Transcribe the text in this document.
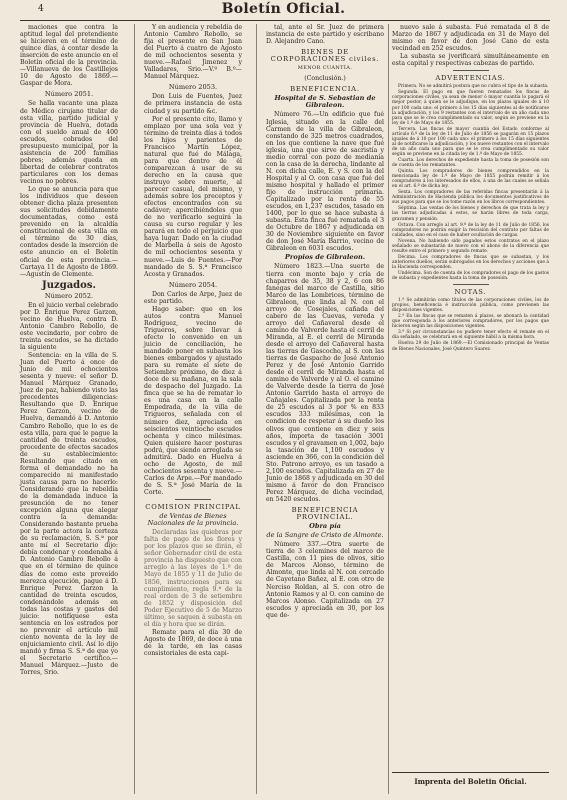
4	Boletín Oficial.

maciones que contra la aptitud legal del pretendiente se hicieren en el término de quince días, á contar desde la inserción de este anuncio en el Boletín oficial de la provincia.—Villanueva de los Castillejos 10 de Agosto de 1869.—Gaspar de Mora.

Número 2051.

Se halla vacante una plaza de Médico cirujano titular de esta villa, partido judicial y provincia de Huelva, dotada con el sueldo anual de 400 escudos, cobrados del presupuesto municipal, por la asistencia de 200 familias pobres; además queda en libertad de celebrar contratos particulares con los demas vecinos no pobres.

Lo que se anuncia para que los individuos que deseen obtener dicha plaza presenten sus solicitudes debidamente documentadas, como está prevenido en la alcaldía constitucional de esta villa en el término de 30 días, contados desde la inserción de este anuncio en el Boletín oficial de esta provincia.—Cartaya 11 de Agosto de 1869.—Agustín de Clemente.

Juzgados.
Número 2052.

En el juicio verbal celebrado por D. Enrique Perez Garzon, vecino de Huelva, contra D. Antonio Cambro Rebollo, de este vecindario, por cobro de treinta escudos, se ha dictado la siguiente

Sentencia: en la villa de S. Juan del Puerto á once de Junio de mil ochocientos sesenta y nueve: el señor D. Manuel Márquez Granado, Juez de paz, habiendo visto las precedentes diligencias: Resultando que D. Enrique Perez Garzon, vecino de Huelva, demandó á D. Antonio Cambro Rebollo, que lo es de esta villa, para que le pague la cantidad de treinta escudos, procedente de efectos sacados de su establecimiento: Resultando que citado en forma el demandado no ha comparecido ni manifestado justa causa para no hacerlo: Considerando que la rebeldía de la demandada induce la presunción de no tener excepción alguna que alegar contra la demanda: Considerando bastante prueba por la parte actora la certeza de su reclamación, S. S.ª por ante mí el Secretario dijo: debía condenar y condenaba á D. Antonio Cambro Rebollo á que en el término de quince días de como este proveído merezca ejecución, pague á D. Enrique Perez Garzon la cantidad de treinta escudos, condenándole además en todas las costas y gastos del juicio: notifíquese esta sentencia en los estrados por no prevenir el artículo mil ciento noventa de la ley de enjuiciamiento civil. Así lo dijo mandó y firma S. S.ª de que yo el Secretario certifico.—Manuel Márquez.—Justo de Torres, Srio.

Y en audiencia y rebeldía de Antonio Cambro Rebollo, se fija el presente en San Juan del Puerto á cuatro de Agosto de mil ochocientos sesenta y nueve.—Rafael Jimenez y Valladares, Srio.—V.º B.º—Manuel Márquez.

Número 2053.

Don Luis de Fuentes, Juez de primera instancia de esta ciudad y su partido &c.

Por el presente cito, llamo y emplazo por una sola vez y término de treinta días á todos los hijos y parientes de Francisco Martín López, natural que fué de Málaga, para que dentro de él comparezcan á usar de su derecho en la causa que instruyo sobre muerte, al parecer casual, del mismo, y además sobre los preceptos y efectos encontrados con su cadáver; apercibiéndoles que de no verificarlo seguirá la causa su curso regular y les parará en todo el perjuicio que haya lugar. Dado en la ciudad de Marbella á seis de Agosto de mil ochocientos sesenta y nueve.—Luis de Fuentes.—Por mandado de S. S.ª Francisco Acosta y Granados.

Número 2054.

Don Carlos de Arpe, Juez de este partido.

Hago saber: que en los autos contra Manuel Rodríguez, vecino de Trigueros, sobre llevar á efecto lo convenido en un juicio de conciliación, he mandado poner en subasta los bienes embargados y ajustado para su remate el siete de Setiembre próximo, de diez á doce de su mañana, en la sala de despacho del Juzgado. La finca que se ha de rematar lo es una casa en la calle Empedrada, de la villa de Trigueros, señalada con el número diez, apreciada en seiscientos veintiocho escudos ochenta y cinco milésimas. Quien quisiere hacer posturas podrá, que siendo arreglada se admitirá. Dado en Huelva á ocho de Agosto, de mil ochocientos sesenta y nueve.—Carlos de Arpe.—Por mandado de S. S.ª José María de la Corte.

COMISION PRINCIPAL
de Ventas de Bienes Nacionales de la provincia.

Declaradas las quiebras por falta de pago de los flores y por los plazos que se dirán, el señor Gobernador civil de esta provincia ha dispuesto que con arreglo á las leyes de 1.º de Mayo de 1855 y 11 de Julio de 1856, instrucciones para su cumplimiento, regla 9.ª de la real orden de 3 de setiembre de 1852 y disposición del Poder Ejecutivo de 5 de Marzo último, se saquen á subasta en el día y hora que se dirán.

Remate para el día 30 de Agosto de 1869, de doce á una de la tarde, en las casas consistoriales de esta capi-

tal, ante el Sr. Juez de primera instancia de este partido y escribano D. Alejandro Cano.

BIENES DE CORPORACIONES civiles.
MENOR CUANTÍA.
(Conclusión.)
BENEFICENCIA.
Hospital de S. Sebastian de Gibraleon.

Número 76.—Un edificio que fué Iglesia, situado en la calle del Carmen de la villa de Gibraleon, constando de 325 metros cuadrados, en los que contiene la nave que fué iglesia, una que sirve de sacristía y medio corral con pozo de medianía con la casa de la derecha, lindante al N. con dicha calle, E. y S. con la del Hospital y al O. con casa que fué del mismo hospital y hallado el primer fijo de instrucción primaria. Capitalizado por la renta de 55 escudos, en 1,237 escudos, tasado en 1400, por lo que se hace subasta á subasta. Esta finca fué rematada el 3 de Octubre de 1867 y adjudicada en 30 de Noviembre siguiente en favor de don José María Barrio, vecino de Gibraleon en 6031 escudos.

Propios de Gibraleon.

Número 1823.—Una suerte de tierra con monte bajo y cría de chaparros de 35, 38 y 2, 6 con 86 fanegas del marco de Castilla, sitio Marco de las Lombrices, término de Gibraleon, que linda al N. con el arroyo de Cosejales, cañada del cabero de las Cuevas, vereda y arroyo del Cañaveral desde el camino de Valverde hasta el cerril de Miranda, al E. el cerril de Miranda desde el arroyo del Cañaveral hasta las tierras de Gascocho, al S. con las tierras de Gaspacho de José Antonio Perez y de José Antonio Garrido desde el cerril de Miranda hasta el camino de Valverde y al O. el camino de Valverde desde la tierra de José Antonio Garrido hasta el arroyo de Cañajales. Capitalizada por la renta de 25 escudos al 3 por % en 833 escudos 333 milésimas, con la condicion de respetar á su dueño los olivos que contiene en diez y seis años, importa de tasación 3001 escudos y el gravamen en 1,002, bajo la tasación de 1,100 escudos y asciende en 366, con la condición del Sto. Patrono arroyo, es un tasado a 2,100 escudos. Capitalizada en 27 de Junio de 1868 y adjudicada en 30 del mismo á favor de don Francisco Perez Márquez, de dicha vecindad, en 5420 escudos.

BENEFICENCIA PROVINCIAL.
Obra pía
de la Sangre de Cristo de Almonte.

Número 337.—Otra suerte de tierra de 3 celemines del marco de Castilla, con 11 pies de olivos, sitio de Marcos Alonso, término de Almonte, que linda al N. con cercado de Cayetano Bañez, al E. con otro de Nerciso Roldan, al S. con otro de Antonio Ramos y al O. con camino de Marcos Alonso. Capitalizada en 27 escudos y apreciada en 30, por los que de-

nuevo sale á subasta. Fué rematada el 8 de Marzo de 1867 y adjudicada en 31 de Mayo del mismo en favor de don José Cano de esta vecindad en 252 escudos.

La subasta se jverificará simultáneamente en esta capital y respectivas cabezas de partido.

ADVERTENCIAS.

Primera. No se admitirá postura que no cubra el tipo de la subasta.

Segunda. El pago en que fueren rematados los fincas de corporaciones civiles, ya sean de menor ó mayor cuantía lo pagará el mejor postor, á quien se le adjudique, en los plazos iguales de á 10 por 100 cada uno: el primero á los 15 días siguientes al de notificarse la adjudicación, y los 9 restantes con el intervalo de un año cada uno para que se le crea cumplimentado su valor, según se previene en la ley de 1.º de Mayo de 1855.

Tercera. Las fincas de mayor cuantía del Estado conforme al artículo 6.º de la ley de 11 de Julio de 1856 se pagarán en 15 plazos iguales de á 10 por 100 cada uno: el primero á los 15 días siguientes al de notificarse la adjudicación, y los nueve restantes con el intervalo de un año cada uno para que se le crea cumplimentado su valor según se previene en la citada ley de 1.º de Mayo de 1855.

Cuarta. Los derechos de expediente hasta la toma de posesión son de cuenta de los rematantes.

Quinta. Los compradores de bienes comprendidos en la mencionada ley de 1.º de Mayo de 1855 podrán remitir á los compradores á los interesados de ellos, á una de las cuales se señala en el art. 6.º de dicha ley.

Sexta. Los compradores de las referidas fincas presentarán á la Administración de Hacienda pública los documentos justificativos de sus pagos para que se los tome razón en los libros correspondientes.

Séptima. Las ventas de los bienes y derechos de que trata la ley y las tierras adjudicadas á estos, se harán libres de toda carga, gravamen y pensión.

Octava. Con arreglo al art. 9.º de la ley de 11 de Julio de 1856, los compradores no podrán exigir la rescisión del contrato por faltas de calidades, sino en el caso de haber ocultación de cargas.

Novena. No habiendo sido pagados estos contratos en el plazo señalado se subastarán de nuevo con el abono de la diferencia que resulte entre el primero y segundo remate.

Décima. Los compradores de fincas que se subastan, y los anteriores dueños, serán subrogados en los derechos y acciones que á la Hacienda corresponden.

Undécima. Son de cuenta de los compradores el pago de los gastos de subasta y expedientes hasta la toma de posesión.

NOTAS.

1.ª Se admitirán como títulos de las corporaciones civiles, los de propios, beneficencia é instrucción pública, como previenen las disposiciones vigentes.

2.ª En las fincas que se rematen á plazos, se abonará la cantidad que corresponda á los anteriores compradores, por los pagos que hicieron según las disposiciones vigentes.

3.ª Si por circunstancias no pudiere tener efecto el remate en el día señalado, se celebrará en el siguiente hábil a la misma hora.

Huelva 29 de Julio de 1869.—El Comisionado principal de Ventas de Bienes Nacionales, José Quintero Suarez.

Imprenta del Boletin Oficial.
